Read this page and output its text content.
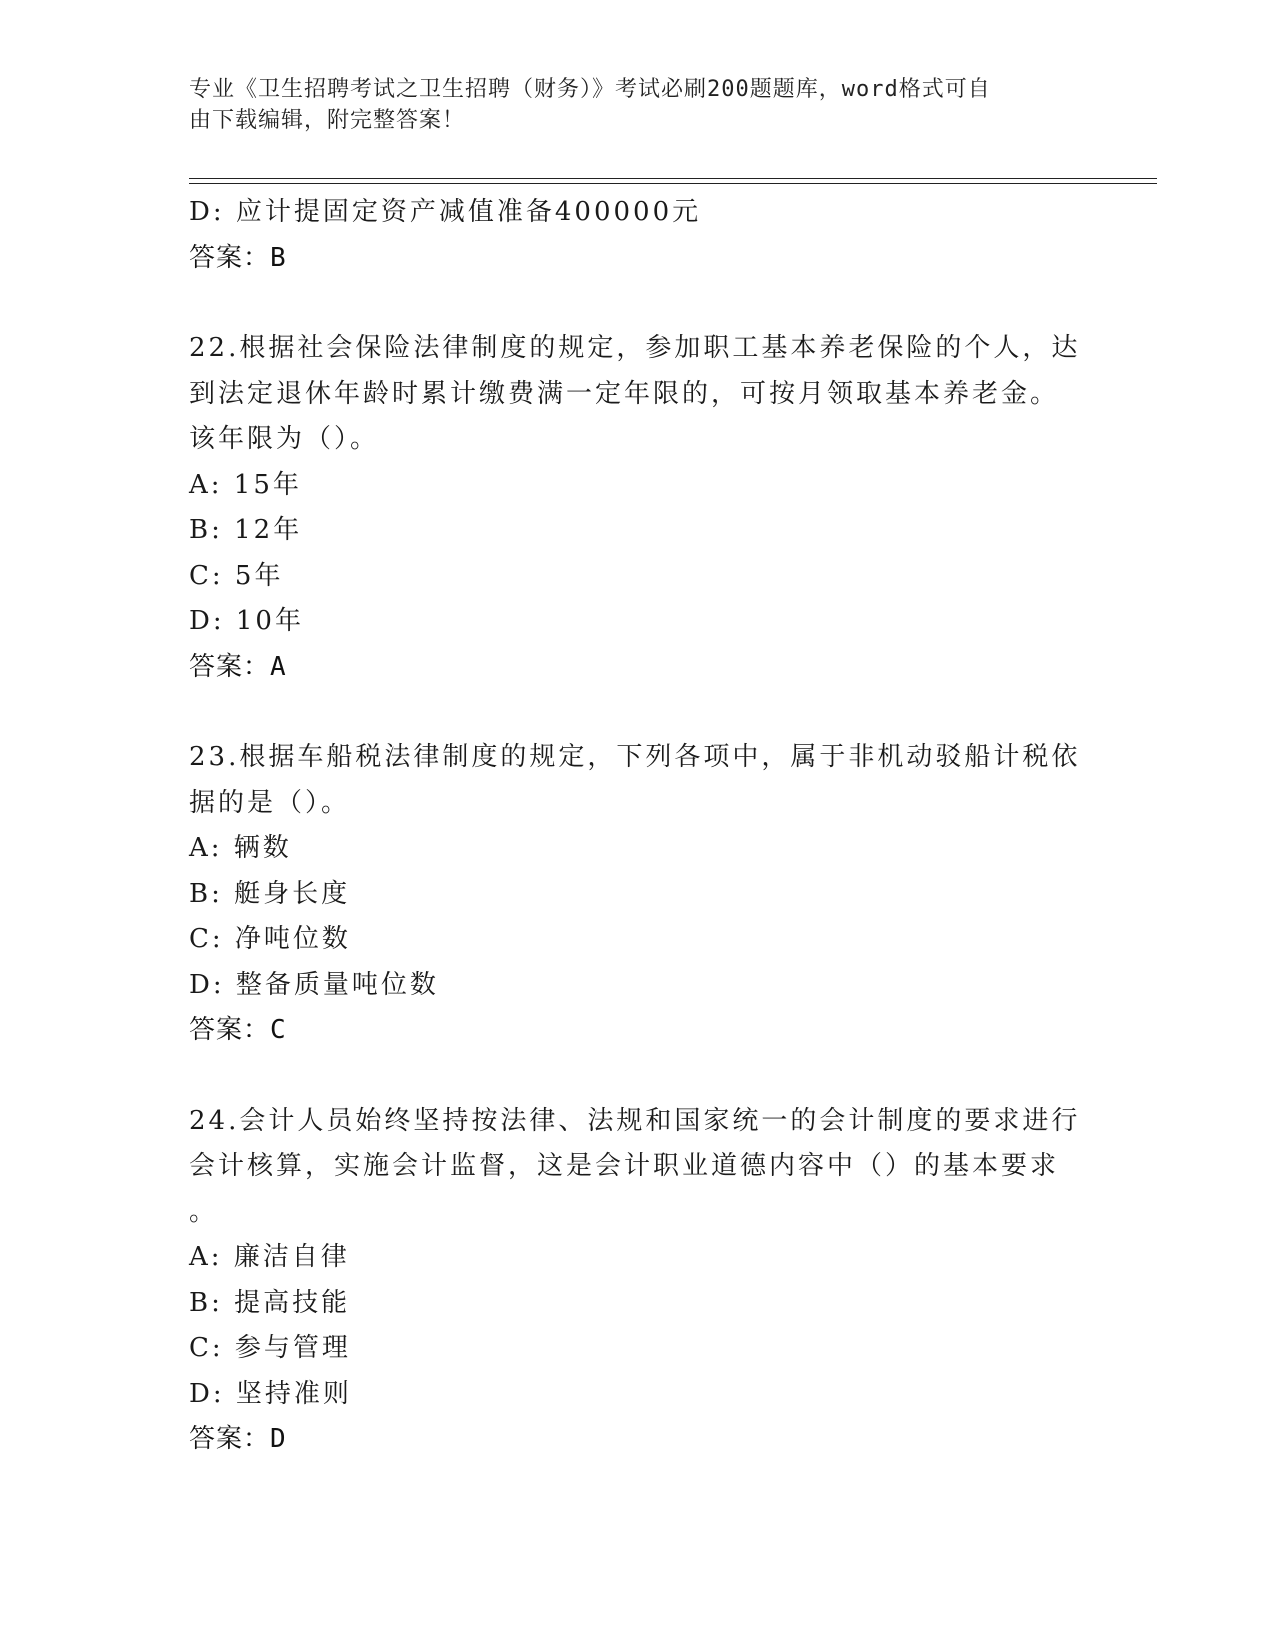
专业《卫生招聘考试之卫生招聘（财务）》考试必刷200题题库，word格式可自
由下载编辑，附完整答案！
D: 应计提固定资产减值准备400000元
答案：B
22.根据社会保险法律制度的规定，参加职工基本养老保险的个人，达
到法定退休年龄时累计缴费满一定年限的，可按月领取基本养老金。
该年限为（）。
A: 15年
B: 12年
C: 5年
D: 10年
答案：A
23.根据车船税法律制度的规定，下列各项中，属于非机动驳船计税依
据的是（）。
A: 辆数
B: 艇身长度
C: 净吨位数
D: 整备质量吨位数
答案：C
24.会计人员始终坚持按法律、法规和国家统一的会计制度的要求进行
会计核算，实施会计监督，这是会计职业道德内容中（）的基本要求
。
A: 廉洁自律
B: 提高技能
C: 参与管理
D: 坚持准则
答案：D
